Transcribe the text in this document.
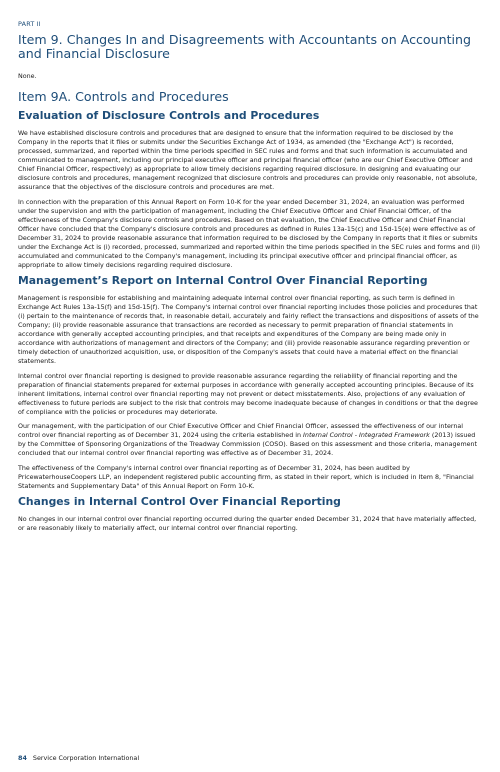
PART II
Item 9. Changes In and Disagreements with Accountants on Accounting and Financial Disclosure

None.

Item 9A. Controls and Procedures
Evaluation of Disclosure Controls and Procedures

We have established disclosure controls and procedures that are designed to ensure that the information required to be disclosed by the Company in the reports that it files or submits under the Securities Exchange Act of 1934, as amended (the "Exchange Act") is recorded, processed, summarized, and reported within the time periods specified in SEC rules and forms and that such information is accumulated and communicated to management, including our principal executive officer and principal financial officer (who are our Chief Executive Officer and Chief Financial Officer, respectively) as appropriate to allow timely decisions regarding required disclosure. In designing and evaluating our disclosure controls and procedures, management recognized that disclosure controls and procedures can provide only reasonable, not absolute, assurance that the objectives of the disclosure controls and procedures are met.

In connection with the preparation of this Annual Report on Form 10-K for the year ended December 31, 2024, an evaluation was performed under the supervision and with the participation of management, including the Chief Executive Officer and Chief Financial Officer, of the effectiveness of the Company's disclosure controls and procedures. Based on that evaluation, the Chief Executive Officer and Chief Financial Officer have concluded that the Company's disclosure controls and procedures as defined in Rules 13a-15(c) and 15d-15(e) were effective as of December 31, 2024 to provide reasonable assurance that information required to be disclosed by the Company in reports that it files or submits under the Exchange Act is (i) recorded, processed, summarized and reported within the time periods specified in the SEC rules and forms and (ii) accumulated and communicated to the Company's management, including its principal executive officer and principal financial officer, as appropriate to allow timely decisions regarding required disclosure.

Management’s Report on Internal Control Over Financial Reporting

Management is responsible for establishing and maintaining adequate internal control over financial reporting, as such term is defined in Exchange Act Rules 13a-15(f) and 15d-15(f). The Company's internal control over financial reporting includes those policies and procedures that (i) pertain to the maintenance of records that, in reasonable detail, accurately and fairly reflect the transactions and dispositions of assets of the Company; (ii) provide reasonable assurance that transactions are recorded as necessary to permit preparation of financial statements in accordance with generally accepted accounting principles, and that receipts and expenditures of the Company are being made only in accordance with authorizations of management and directors of the Company; and (iii) provide reasonable assurance regarding prevention or timely detection of unauthorized acquisition, use, or disposition of the Company's assets that could have a material effect on the financial statements.

Internal control over financial reporting is designed to provide reasonable assurance regarding the reliability of financial reporting and the preparation of financial statements prepared for external purposes in accordance with generally accepted accounting principles. Because of its inherent limitations, internal control over financial reporting may not prevent or detect misstatements. Also, projections of any evaluation of effectiveness to future periods are subject to the risk that controls may become inadequate because of changes in conditions or that the degree of compliance with the policies or procedures may deteriorate.

Our management, with the participation of our Chief Executive Officer and Chief Financial Officer, assessed the effectiveness of our internal control over financial reporting as of December 31, 2024 using the criteria established in Internal Control - Integrated Framework (2013) issued by the Committee of Sponsoring Organizations of the Treadway Commission (COSO). Based on this assessment and those criteria, management concluded that our internal control over financial reporting was effective as of December 31, 2024.

The effectiveness of the Company's internal control over financial reporting as of December 31, 2024, has been audited by PricewaterhouseCoopers LLP, an independent registered public accounting firm, as stated in their report, which is included in Item 8, "Financial Statements and Supplementary Data" of this Annual Report on Form 10-K.

Changes in Internal Control Over Financial Reporting

No changes in our internal control over financial reporting occurred during the quarter ended December 31, 2024 that have materially affected, or are reasonably likely to materially affect, our internal control over financial reporting.

84 Service Corporation International
